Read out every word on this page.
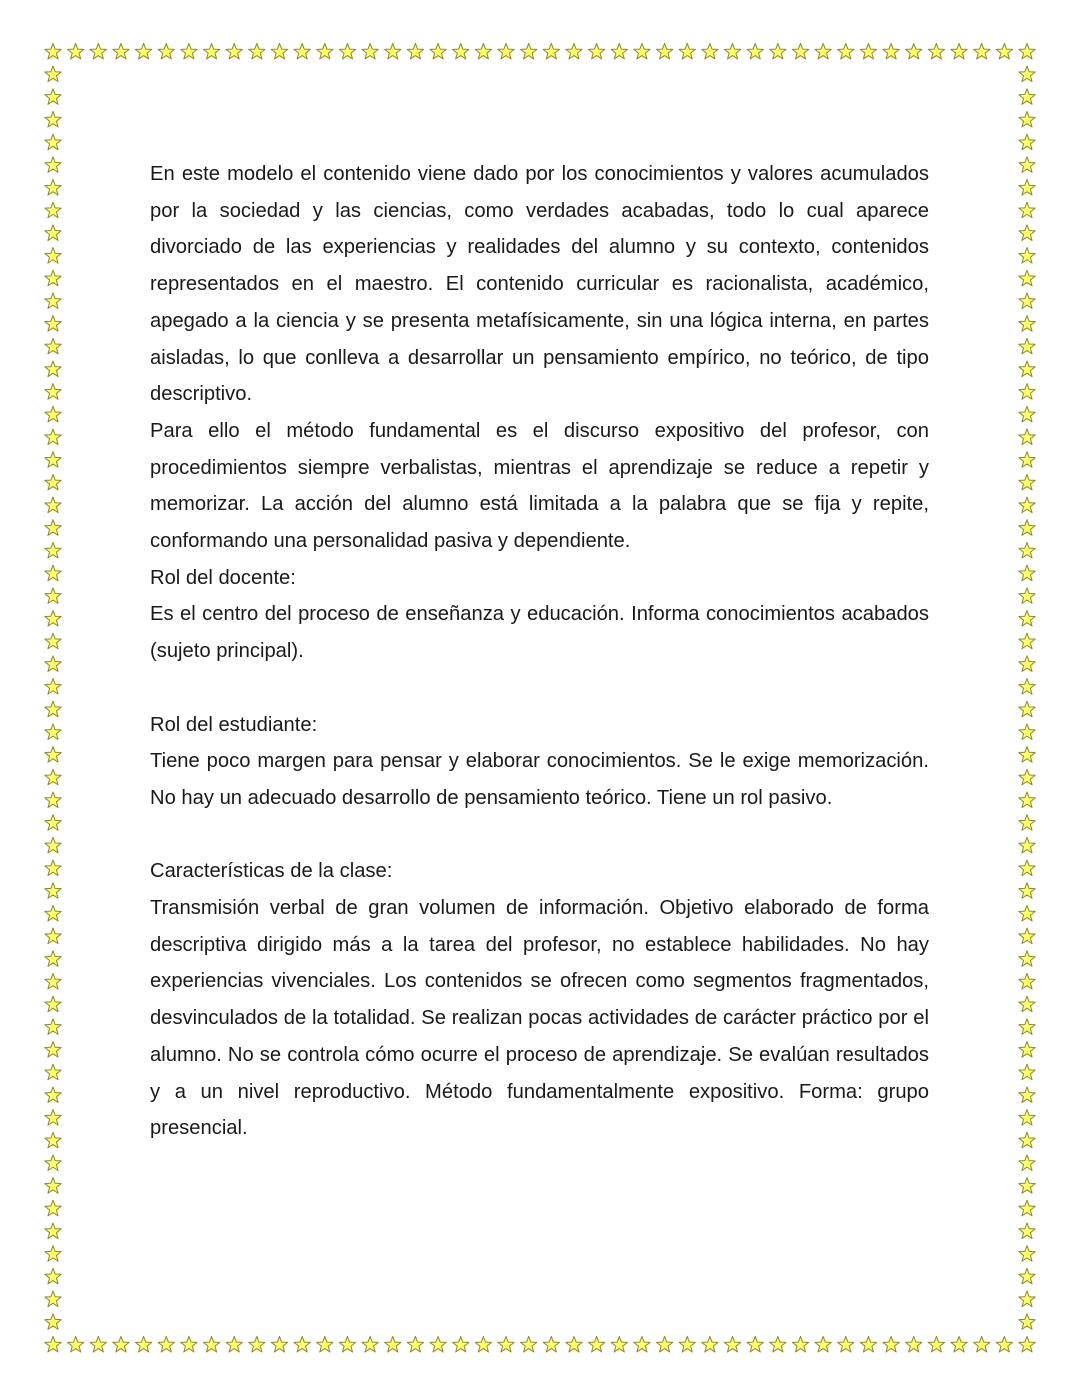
En este modelo el contenido viene dado por los conocimientos y valores acumulados por la sociedad y las ciencias, como verdades acabadas, todo lo cual aparece divorciado de las experiencias y realidades del alumno y su contexto, contenidos representados en el maestro. El contenido curricular es racionalista, académico, apegado a la ciencia y se presenta metafísicamente, sin una lógica interna, en partes aisladas, lo que conlleva a desarrollar un pensamiento empírico, no teórico, de tipo descriptivo.

Para ello el método fundamental es el discurso expositivo del profesor, con procedimientos siempre verbalistas, mientras el aprendizaje se reduce a repetir y memorizar. La acción del alumno está limitada a la palabra que se fija y repite, conformando una personalidad pasiva y dependiente.

Rol del docente:

Es el centro del proceso de enseñanza y educación. Informa conocimientos acabados (sujeto principal).

Rol del estudiante:

Tiene poco margen para pensar y elaborar conocimientos. Se le exige memorización. No hay un adecuado desarrollo de pensamiento teórico. Tiene un rol pasivo.

Características de la clase:

Transmisión verbal de gran volumen de información. Objetivo elaborado de forma descriptiva dirigido más a la tarea del profesor, no establece habilidades. No hay experiencias vivenciales. Los contenidos se ofrecen como segmentos fragmentados, desvinculados de la totalidad. Se realizan pocas actividades de carácter práctico por el alumno. No se controla cómo ocurre el proceso de aprendizaje. Se evalúan resultados y a un nivel reproductivo. Método fundamentalmente expositivo. Forma: grupo presencial.
